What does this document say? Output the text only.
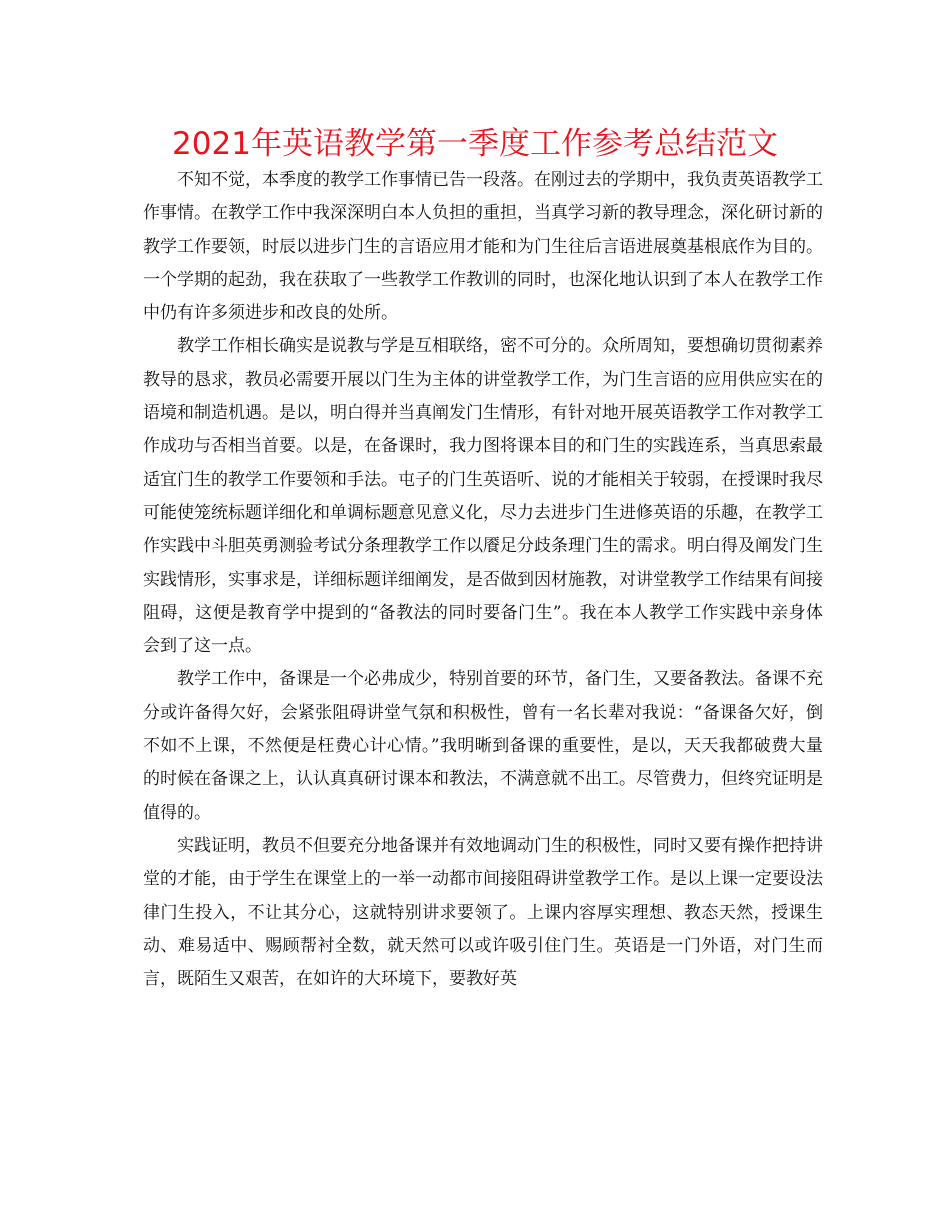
2021年英语教学第一季度工作参考总结范文

不知不觉，本季度的教学工作事情已告一段落。在刚过去的学期中，我负责英语教学工作事情。在教学工作中我深深明白本人负担的重担，当真学习新的教导理念，深化研讨新的教学工作要领，时辰以进步门生的言语应用才能和为门生往后言语进展奠基根底作为目的。一个学期的起劲，我在获取了一些教学工作教训的同时，也深化地认识到了本人在教学工作中仍有许多须进步和改良的处所。

教学工作相长确实是说教与学是互相联络，密不可分的。众所周知，要想确切贯彻素养教导的恳求，教员必需要开展以门生为主体的讲堂教学工作，为门生言语的应用供应实在的语境和制造机遇。是以，明白得并当真阐发门生情形，有针对地开展英语教学工作对教学工作成功与否相当首要。以是，在备课时，我力图将课本目的和门生的实践连系，当真思索最适宜门生的教学工作要领和手法。屯子的门生英语听、说的才能相关于较弱，在授课时我尽可能使笼统标题详细化和单调标题意见意义化，尽力去进步门生进修英语的乐趣，在教学工作实践中斗胆英勇测验考试分条理教学工作以餍足分歧条理门生的需求。明白得及阐发门生实践情形，实事求是，详细标题详细阐发，是否做到因材施教，对讲堂教学工作结果有间接阻碍，这便是教育学中提到的“备教法的同时要备门生”。我在本人教学工作实践中亲身体会到了这一点。

教学工作中，备课是一个必弗成少，特别首要的环节，备门生，又要备教法。备课不充分或许备得欠好，会紧张阻碍讲堂气氛和积极性，曾有一名长辈对我说：“备课备欠好，倒不如不上课，不然便是枉费心计心情。”我明晰到备课的重要性，是以，天天我都破费大量的时候在备课之上，认认真真研讨课本和教法，不满意就不出工。尽管费力，但终究证明是值得的。

实践证明，教员不但要充分地备课并有效地调动门生的积极性，同时又要有操作把持讲堂的才能，由于学生在课堂上的一举一动都市间接阻碍讲堂教学工作。是以上课一定要设法律门生投入，不让其分心，这就特别讲求要领了。上课内容厚实理想、教态天然，授课生动、难易适中、赐顾帮衬全数，就天然可以或许吸引住门生。英语是一门外语，对门生而言，既陌生又艰苦，在如许的大环境下，要教好英
